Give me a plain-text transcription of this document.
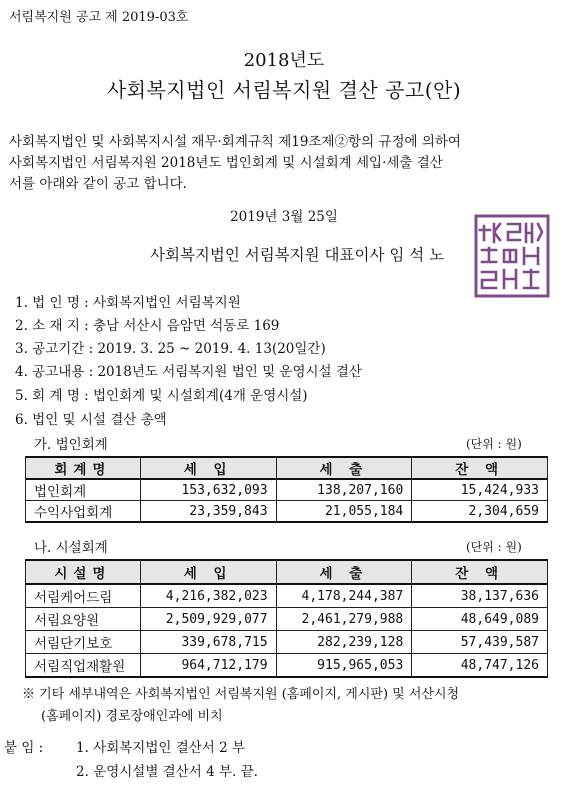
서림복지원 공고 제 2019-03호
2018년도
사회복지법인 서림복지원 결산 공고(안)
사회복지법인 및 사회복지시설 재무·회계규칙 제19조제②항의 규정에 의하여
사회복지법인 서림복지원 2018년도 법인회계 및 시설회계 세입·세출 결산
서를 아래와 같이 공고 합니다.
2019년 3월 25일
사회복지법인 서림복지원 대표이사 임 석 노
1. 법 인 명 : 사회복지법인 서림복지원
2. 소 재 지 : 충남 서산시 음암면 석동로 169
3. 공고기간 : 2019. 3. 25 ~ 2019. 4. 13(20일간)
4. 공고내용 : 2018년도 서림복지원 법인 및 운영시설 결산
5. 회 계 명 : 법인회계 및 시설회계(4개 운영시설)
6. 법인 및 시설 결산 총액
가. 법인회계	(단위 : 원)
회계명	세 입	세 출	잔 액
법인회계	153,632,093	138,207,160	15,424,933
수익사업회계	23,359,843	21,055,184	2,304,659
나. 시설회계	(단위 : 원)
시설명	세 입	세 출	잔 액
서림케어드림	4,216,382,023	4,178,244,387	38,137,636
서림요양원	2,509,929,077	2,461,279,988	48,649,089
서림단기보호	339,678,715	282,239,128	57,439,587
서림직업재활원	964,712,179	915,965,053	48,747,126
※ 기타 세부내역은 사회복지법인 서림복지원 (홈페이지, 게시판) 및 서산시청
(홈페이지) 경로장애인과에 비치
붙 임 : 1. 사회복지법인 결산서 2 부
2. 운영시설별 결산서 4 부. 끝.
